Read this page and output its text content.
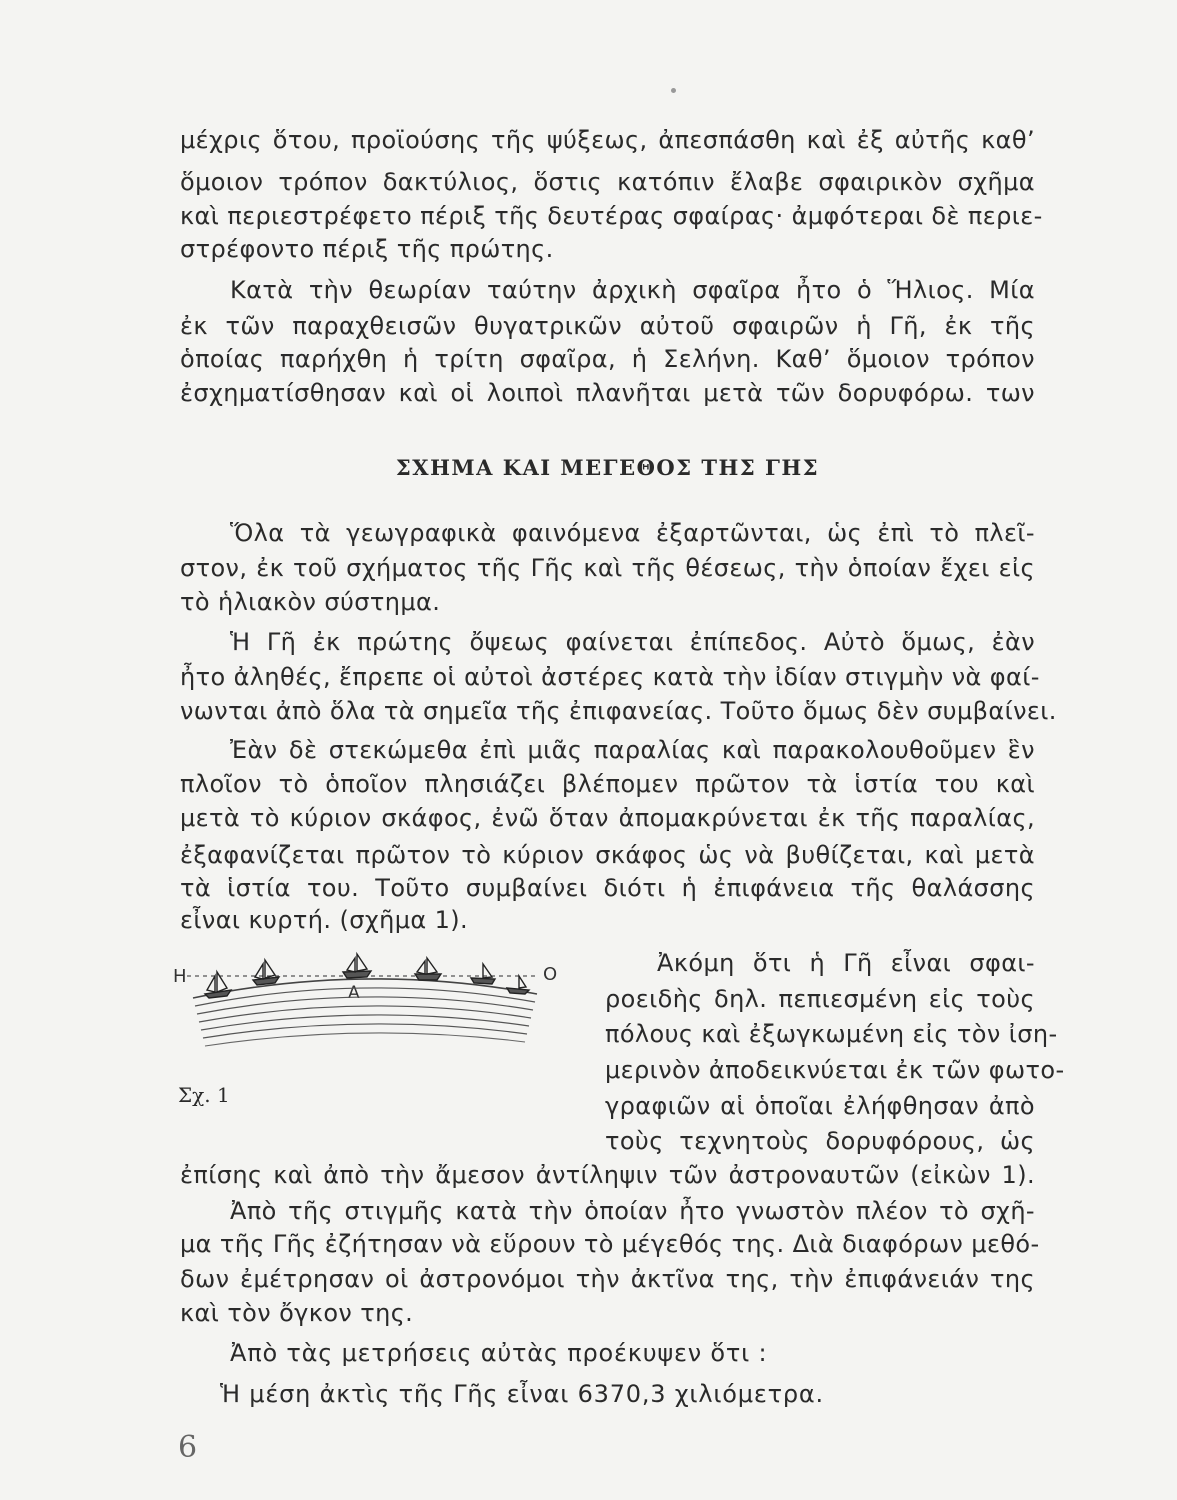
μέχρις ὅτου, προϊούσης τῆς ψύξεως, ἀπεσπάσθη καὶ ἐξ αὐτῆς καθ’
ὅμοιον τρόπον δακτύλιος, ὅστις κατόπιν ἔλαβε σφαιρικὸν σχῆμα
καὶ περιεστρέφετο πέριξ τῆς δευτέρας σφαίρας· ἀμφότεραι δὲ περιε-
στρέφοντο πέριξ τῆς πρώτης.
Κατὰ τὴν θεωρίαν ταύτην ἀρχικὴ σφαῖρα ἦτο ὁ Ἥλιος. Μία
ἐκ τῶν παραχθεισῶν θυγατρικῶν αὐτοῦ σφαιρῶν ἡ Γῆ, ἐκ τῆς
ὁποίας παρήχθη ἡ τρίτη σφαῖρα, ἡ Σελήνη. Καθ’ ὅμοιον τρόπον
ἐσχηματίσθησαν καὶ οἱ λοιποὶ πλανῆται μετὰ τῶν δορυφόρω. των
ΣΧΗΜΑ ΚΑΙ ΜΕΓΕΘΟΣ ΤΗΣ ΓΗΣ
Ὅλα τὰ γεωγραφικὰ φαινόμενα ἐξαρτῶνται, ὡς ἐπὶ τὸ πλεῖ-
στον, ἐκ τοῦ σχήματος τῆς Γῆς καὶ τῆς θέσεως, τὴν ὁποίαν ἔχει εἰς
τὸ ἡλιακὸν σύστημα.
Ἡ Γῆ ἐκ πρώτης ὄψεως φαίνεται ἐπίπεδος. Αὐτὸ ὅμως, ἐὰν
ἦτο ἀληθές, ἔπρεπε οἱ αὐτοὶ ἀστέρες κατὰ τὴν ἰδίαν στιγμὴν νὰ φαί-
νωνται ἀπὸ ὅλα τὰ σημεῖα τῆς ἐπιφανείας. Τοῦτο ὅμως δὲν συμβαίνει.
Ἐὰν δὲ στεκώμεθα ἐπὶ μιᾶς παραλίας καὶ παρακολουθοῦμεν ἓν
πλοῖον τὸ ὁποῖον πλησιάζει βλέπομεν πρῶτον τὰ ἱστία του καὶ
μετὰ τὸ κύριον σκάφος, ἐνῶ ὅταν ἀπομακρύνεται ἐκ τῆς παραλίας,
ἐξαφανίζεται πρῶτον τὸ κύριον σκάφος ὡς νὰ βυθίζεται, καὶ μετὰ
τὰ ἱστία του. Τοῦτο συμβαίνει διότι ἡ ἐπιφάνεια τῆς θαλάσσης
εἶναι κυρτή. (σχῆμα 1).
Η
Α
Ο
Σχ. 1
Ἀκόμη ὅτι ἡ Γῆ εἶναι σφαι-
ροειδὴς δηλ. πεπιεσμένη εἰς τοὺς
πόλους καὶ ἐξωγκωμένη εἰς τὸν ἰση-
μερινὸν ἀποδεικνύεται ἐκ τῶν φωτο-
γραφιῶν αἱ ὁποῖαι ἐλήφθησαν ἀπὸ
τοὺς τεχνητοὺς δορυφόρους, ὡς
ἐπίσης καὶ ἀπὸ τὴν ἄμεσον ἀντίληψιν τῶν ἀστροναυτῶν (εἰκὼν 1).
Ἀπὸ τῆς στιγμῆς κατὰ τὴν ὁποίαν ἦτο γνωστὸν πλέον τὸ σχῆ-
μα τῆς Γῆς ἐζήτησαν νὰ εὕρουν τὸ μέγεθός της. Διὰ διαφόρων μεθό-
δων ἐμέτρησαν οἱ ἀστρονόμοι τὴν ἀκτῖνα της, τὴν ἐπιφάνειάν της
καὶ τὸν ὄγκον της.
Ἀπὸ τὰς μετρήσεις αὐτὰς προέκυψεν ὅτι :
Ἡ μέση ἀκτὶς τῆς Γῆς εἶναι 6370,3 χιλιόμετρα.
6
